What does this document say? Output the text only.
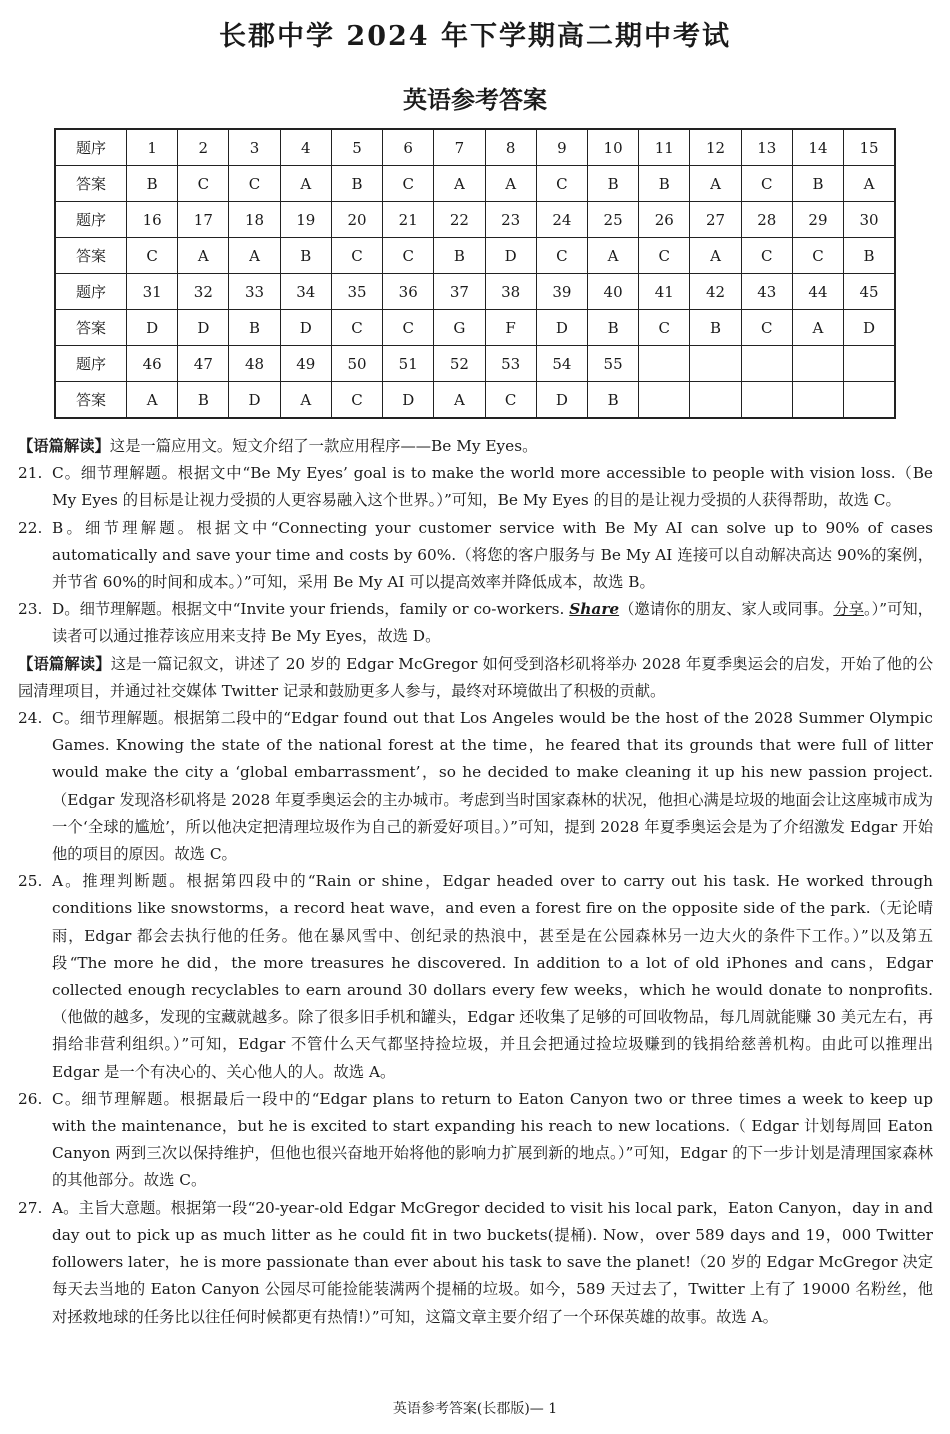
长郡中学 2024 年下学期高二期中考试
英语参考答案
题序	1	2	3	4	5	6	7	8	9	10	11	12	13	14	15
答案	B	C	C	A	B	C	A	A	C	B	B	A	C	B	A
题序	16	17	18	19	20	21	22	23	24	25	26	27	28	29	30
答案	C	A	A	B	C	C	B	D	C	A	C	A	C	C	B
题序	31	32	33	34	35	36	37	38	39	40	41	42	43	44	45
答案	D	D	B	D	C	C	G	F	D	B	C	B	C	A	D
题序	46	47	48	49	50	51	52	53	54	55					
答案	A	B	D	A	C	D	A	C	D	B					

【语篇解读】这是一篇应用文。短文介绍了一款应用程序——Be My Eyes。

21. C。细节理解题。根据文中“Be My Eyes’ goal is to make the world more accessible to people with vision loss.（Be My Eyes 的目标是让视力受损的人更容易融入这个世界。）”可知，Be My Eyes 的目的是让视力受损的人获得帮助，故选 C。
22. B。细节理解题。根据文中“Connecting your customer service with Be My AI can solve up to 90% of cases automatically and save your time and costs by 60%.（将您的客户服务与 Be My AI 连接可以自动解决高达 90%的案例，并节省 60%的时间和成本。）”可知，采用 Be My AI 可以提高效率并降低成本，故选 B。
23. D。细节理解题。根据文中“Invite your friends，family or co-workers. Share（邀请你的朋友、家人或同事。分享。）”可知，读者可以通过推荐该应用来支持 Be My Eyes，故选 D。

【语篇解读】这是一篇记叙文，讲述了 20 岁的 Edgar McGregor 如何受到洛杉矶将举办 2028 年夏季奥运会的启发，开始了他的公园清理项目，并通过社交媒体 Twitter 记录和鼓励更多人参与，最终对环境做出了积极的贡献。

24. C。细节理解题。根据第二段中的“Edgar found out that Los Angeles would be the host of the 2028 Summer Olympic Games. Knowing the state of the national forest at the time，he feared that its grounds that were full of litter would make the city a ‘global embarrassment’，so he decided to make cleaning it up his new passion project.（Edgar 发现洛杉矶将是 2028 年夏季奥运会的主办城市。考虑到当时国家森林的状况，他担心满是垃圾的地面会让这座城市成为一个‘全球的尴尬’，所以他决定把清理垃圾作为自己的新爱好项目。）”可知，提到 2028 年夏季奥运会是为了介绍激发 Edgar 开始他的项目的原因。故选 C。
25. A。推理判断题。根据第四段中的“Rain or shine，Edgar headed over to carry out his task. He worked through conditions like snowstorms，a record heat wave，and even a forest fire on the opposite side of the park.（无论晴雨，Edgar 都会去执行他的任务。他在暴风雪中、创纪录的热浪中，甚至是在公园森林另一边大火的条件下工作。）”以及第五段“The more he did，the more treasures he discovered. In addition to a lot of old iPhones and cans，Edgar collected enough recyclables to earn around 30 dollars every few weeks，which he would donate to nonprofits.（他做的越多，发现的宝藏就越多。除了很多旧手机和罐头，Edgar 还收集了足够的可回收物品，每几周就能赚 30 美元左右，再捐给非营利组织。）”可知，Edgar 不管什么天气都坚持捡垃圾，并且会把通过捡垃圾赚到的钱捐给慈善机构。由此可以推理出 Edgar 是一个有决心的、关心他人的人。故选 A。
26. C。细节理解题。根据最后一段中的“Edgar plans to return to Eaton Canyon two or three times a week to keep up with the maintenance，but he is excited to start expanding his reach to new locations.（ Edgar 计划每周回 Eaton Canyon 两到三次以保持维护，但他也很兴奋地开始将他的影响力扩展到新的地点。）”可知，Edgar 的下一步计划是清理国家森林的其他部分。故选 C。
27. A。主旨大意题。根据第一段“20-year-old Edgar McGregor decided to visit his local park，Eaton Canyon，day in and day out to pick up as much litter as he could fit in two buckets(提桶). Now，over 589 days and 19，000 Twitter followers later，he is more passionate than ever about his task to save the planet!（20 岁的 Edgar McGregor 决定每天去当地的 Eaton Canyon 公园尽可能捡能装满两个提桶的垃圾。如今，589 天过去了，Twitter 上有了 19000 名粉丝，他对拯救地球的任务比以往任何时候都更有热情!）”可知，这篇文章主要介绍了一个环保英雄的故事。故选 A。
英语参考答案(长郡版)— 1
